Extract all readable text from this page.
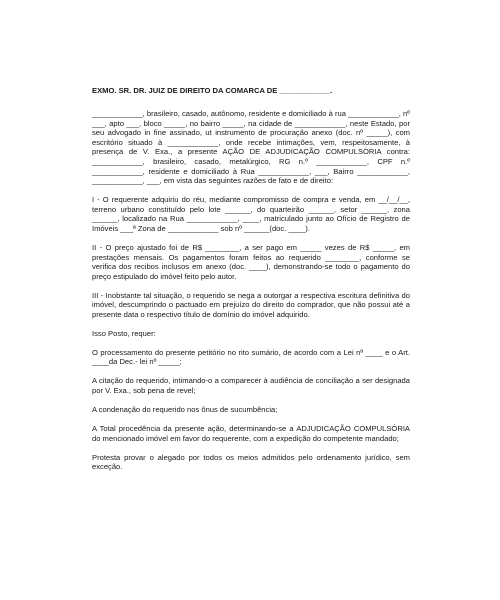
EXMO. SR. DR. JUIZ DE DIREITO DA COMARCA DE ____________.

____________, brasileiro, casado, autônomo, residente e domiciliado à rua ____________, nº ___, apto ___, bloco _____, no bairro _____, na cidade de ____________, neste Estado, por seu advogado in fine assinado, ut instrumento de procuração anexo (doc. nº _____), com escritório situado à ____________, onde recebe intimações, vem, respeitosamente, à presença de V. Exa., a presente AÇÃO DE ADJUDICAÇÃO COMPULSÓRIA contra: ____________, brasileiro, casado, metalúrgico, RG n.º ____________, CPF n.º ____________, residente e domiciliado à Rua ____________, ___, Bairro ____________, ____________, ___, em vista das seguintes razões de fato e de direito:

I - O requerente adquiriu do réu, mediante compromisso de compra e venda, em __/__/__, terreno urbano constituído pelo lote ______, do quarteirão ______, setor ______, zona ______, localizado na Rua ____________, ____, matriculado junto ao Ofício de Registro de Imóveis ___ª Zona de ____________ sob nº ______(doc. ____).

II - O preço ajustado foi de R$ ________, a ser pago em _____ vezes de R$ _____, em prestações mensais. Os pagamentos foram feitos ao requerido ________, conforme se verifica dos recibos inclusos em anexo (doc. ____), demonstrando-se todo o pagamento do preço estipulado do imóvel feito pelo autor.

III - Inobstante tal situação, o requerido se nega a outorgar a respectiva escritura definitiva do imóvel, descumprindo o pactuado em prejuízo do direito do comprador, que não possui até a presente data o respectivo título de domínio do imóvel adquirido.

Isso Posto, requer:

O processamento do presente petitório no rito sumário, de acordo com a Lei nº ____ e o Art. ____da Dec.- lei nº _____;

A citação do requerido, intimando-o a comparecer à audiência de conciliação a ser designada por V. Exa., sob pena de revel;

A condenação do requerido nos ônus de sucumbência;

A Total procedência da presente ação, determinando-se a ADJUDICAÇÃO COMPULSÓRIA do mencionado imóvel em favor do requerente, com a expedição do competente mandado;

Protesta provar o alegado por todos os meios admitidos pelo ordenamento jurídico, sem exceção.
